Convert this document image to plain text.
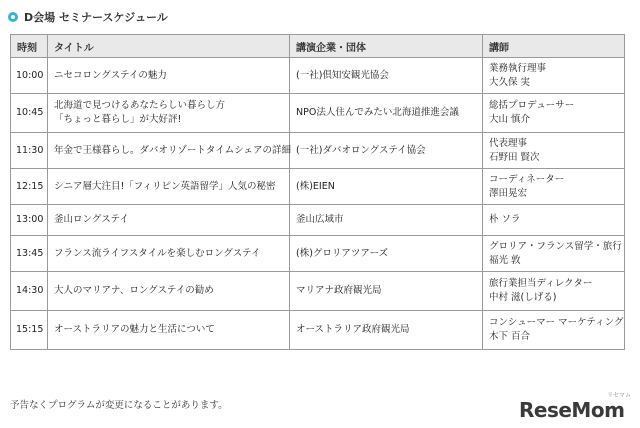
D会場 セミナースケジュール
時刻	タイトル	講演企業・団体	講師
10:00	ニセコロングステイの魅力	(一社)倶知安観光協会	業務執行理事
大久保 実

10:45	北海道で見つけるあなたらしい暮らし方
「ちょっと暮らし」が大好評!	NPO法人住んでみたい北海道推進会議	総括プロデューサー
大山 慎介

11:30	年金で王様暮らし。ダバオリゾートタイムシェアの詳細	(一社)ダバオロングステイ協会	代表理事
石野田 賢次

12:15	シニア層大注目!「フィリピン英語留学」人気の秘密	(株)EIEN	コーディネーター
澤田晃宏

13:00	釜山ロングステイ	釜山広域市	朴 ソラ

13:45	フランス流ライフスタイルを楽しむロングステイ	(株)グロリアツアーズ	グロリア・フランス留学・旅行
福光 敦

14:30	大人のマリアナ、ロングステイの勧め	マリアナ政府観光局	旅行業担当ディレクター
中村 滋(しげる)

15:15	オーストラリアの魅力と生活について	オーストラリア政府観光局	コンシューマー マーケティング
木下 百合
予告なくプログラムが変更になることがあります。
リセマム
ReseMom
